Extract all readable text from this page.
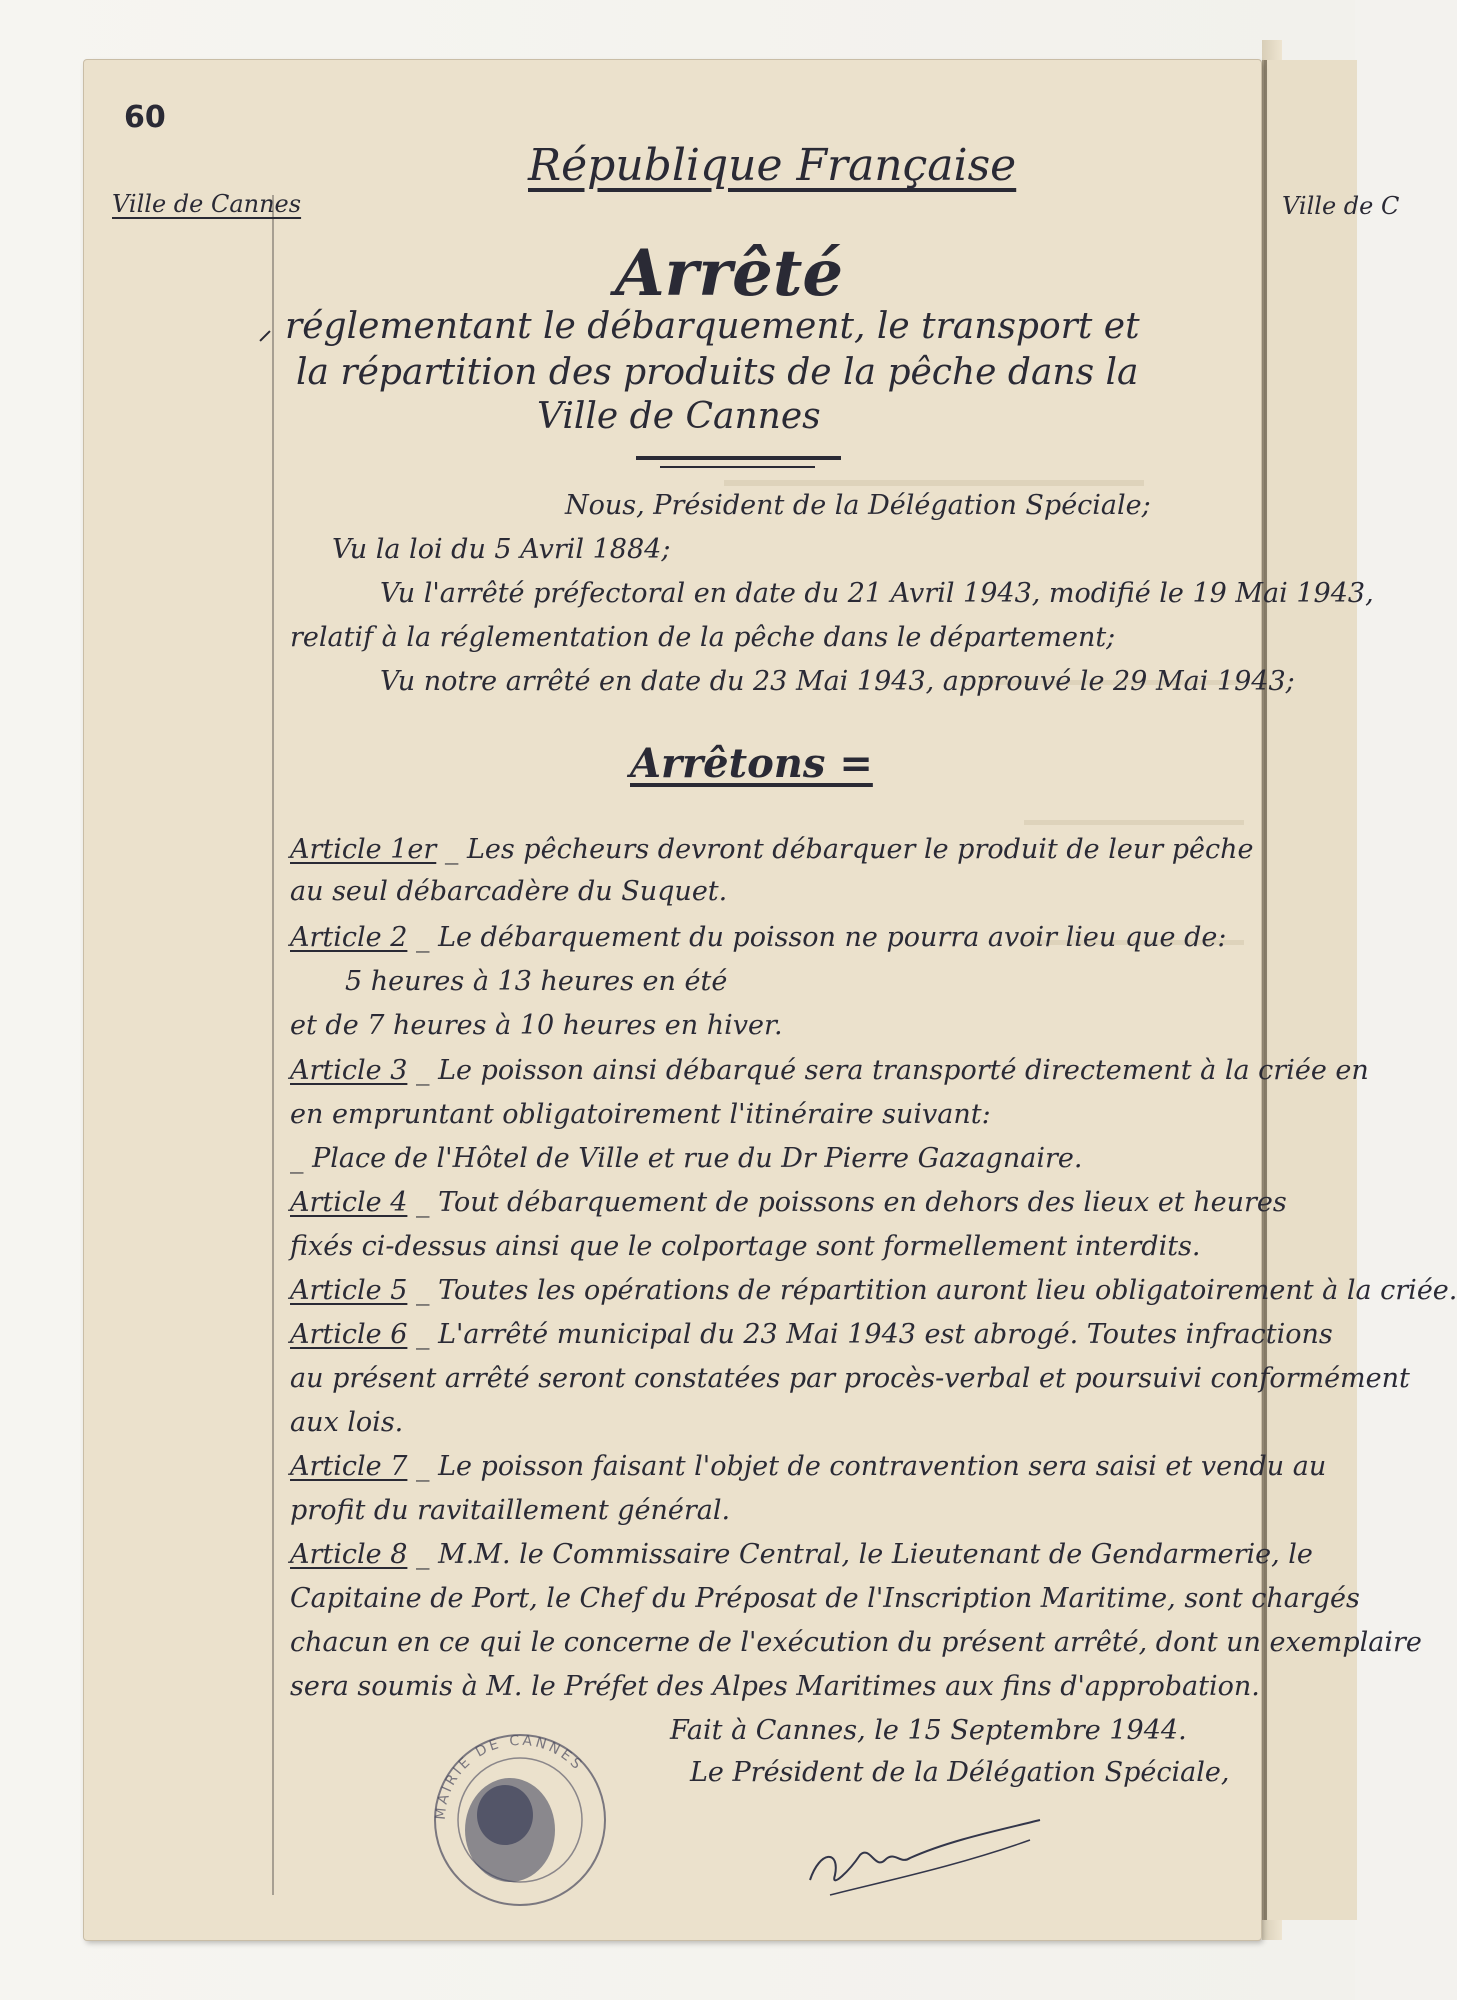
60
Ville de Cannes	Ville de C
République Française
Arrêté
réglementant le débarquement, le transport et
la répartition des produits de la pêche dans la
Ville de Cannes
Nous, Président de la Délégation Spéciale;
Vu la loi du 5 Avril 1884;
Vu l'arrêté préfectoral en date du 21 Avril 1943, modifié le 19 Mai 1943,
relatif à la réglementation de la pêche dans le département;
Vu notre arrêté en date du 23 Mai 1943, approuvé le 29 Mai 1943;
Arrêtons =
Article 1er _ Les pêcheurs devront débarquer le produit de leur pêche
au seul débarcadère du Suquet.
Article 2 _ Le débarquement du poisson ne pourra avoir lieu que de:
5 heures à 13 heures en été
et de 7 heures à 10 heures en hiver.
Article 3 _ Le poisson ainsi débarqué sera transporté directement à la criée en
en empruntant obligatoirement l'itinéraire suivant:
_ Place de l'Hôtel de Ville et rue du Dr Pierre Gazagnaire.
Article 4 _ Tout débarquement de poissons en dehors des lieux et heures
fixés ci-dessus ainsi que le colportage sont formellement interdits.
Article 5 _ Toutes les opérations de répartition auront lieu obligatoirement à la criée.
Article 6 _ L'arrêté municipal du 23 Mai 1943 est abrogé. Toutes infractions
au présent arrêté seront constatées par procès-verbal et poursuivi conformément
aux lois.
Article 7 _ Le poisson faisant l'objet de contravention sera saisi et vendu au
profit du ravitaillement général.
Article 8 _ M.M. le Commissaire Central, le Lieutenant de Gendarmerie, le
Capitaine de Port, le Chef du Préposat de l'Inscription Maritime, sont chargés
chacun en ce qui le concerne de l'exécution du présent arrêté, dont un exemplaire
sera soumis à M. le Préfet des Alpes Maritimes aux fins d'approbation.
Fait à Cannes, le 15 Septembre 1944.
Le Président de la Délégation Spéciale,
MAIRIE DE CANNES
